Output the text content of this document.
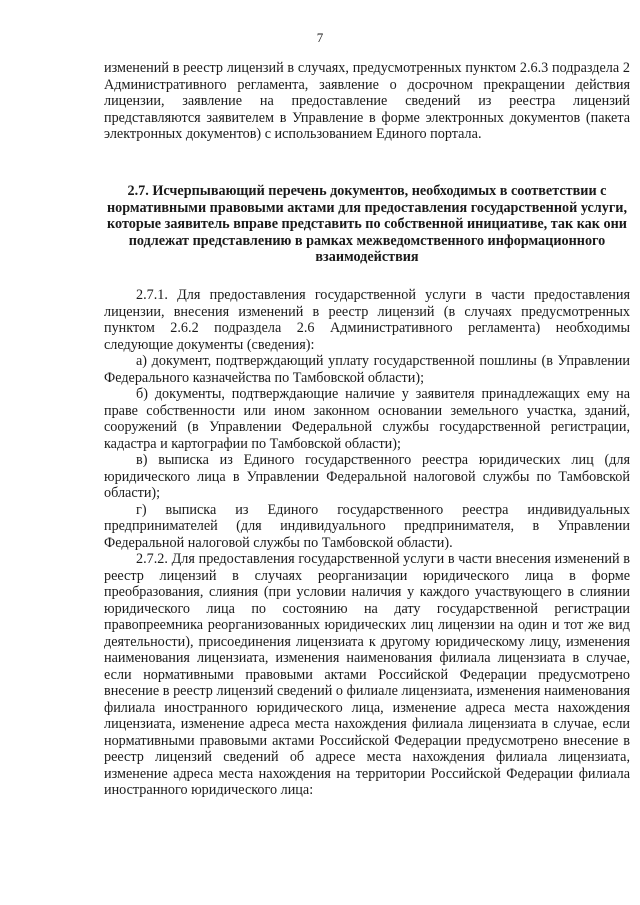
7

изменений в реестр лицензий в случаях, предусмотренных пунктом 2.6.3 подраздела 2 Административного регламента, заявление о досрочном прекращении действия лицензии, заявление на предоставление сведений из реестра лицензий представляются заявителем в Управление в форме электронных документов (пакета электронных документов) с использованием Единого портала.

2.7. Исчерпывающий перечень документов, необходимых в соответствии с нормативными правовыми актами для предоставления государственной услуги, которые заявитель вправе представить по собственной инициативе, так как они подлежат представлению в рамках межведомственного информационного взаимодействия

2.7.1. Для предоставления государственной услуги в части предоставления лицензии, внесения изменений в реестр лицензий (в случаях предусмотренных пунктом 2.6.2 подраздела 2.6 Административного регламента) необходимы следующие документы (сведения):

а) документ, подтверждающий уплату государственной пошлины (в Управлении Федерального казначейства по Тамбовской области);

б) документы, подтверждающие наличие у заявителя принадлежащих ему на праве собственности или ином законном основании земельного участка, зданий, сооружений (в Управлении Федеральной службы государственной регистрации, кадастра и картографии по Тамбовской области);

в) выписка из Единого государственного реестра юридических лиц (для юридического лица в Управлении Федеральной налоговой службы по Тамбовской области);

г) выписка из Единого государственного реестра индивидуальных предпринимателей (для индивидуального предпринимателя, в Управлении Федеральной налоговой службы по Тамбовской области).

2.7.2. Для предоставления государственной услуги в части внесения изменений в реестр лицензий в случаях реорганизации юридического лица в форме преобразования, слияния (при условии наличия у каждого участвующего в слиянии юридического лица по состоянию на дату государственной регистрации правопреемника реорганизованных юридических лиц лицензии на один и тот же вид деятельности), присоединения лицензиата к другому юридическому лицу, изменения наименования лицензиата, изменения наименования филиала лицензиата в случае, если нормативными правовыми актами Российской Федерации предусмотрено внесение в реестр лицензий сведений о филиале лицензиата, изменения наименования филиала иностранного юридического лица, изменение адреса места нахождения лицензиата, изменение адреса места нахождения филиала лицензиата в случае, если нормативными правовыми актами Российской Федерации предусмотрено внесение в реестр лицензий сведений об адресе места нахождения филиала лицензиата, изменение адреса места нахождения на территории Российской Федерации филиала иностранного юридического лица:
